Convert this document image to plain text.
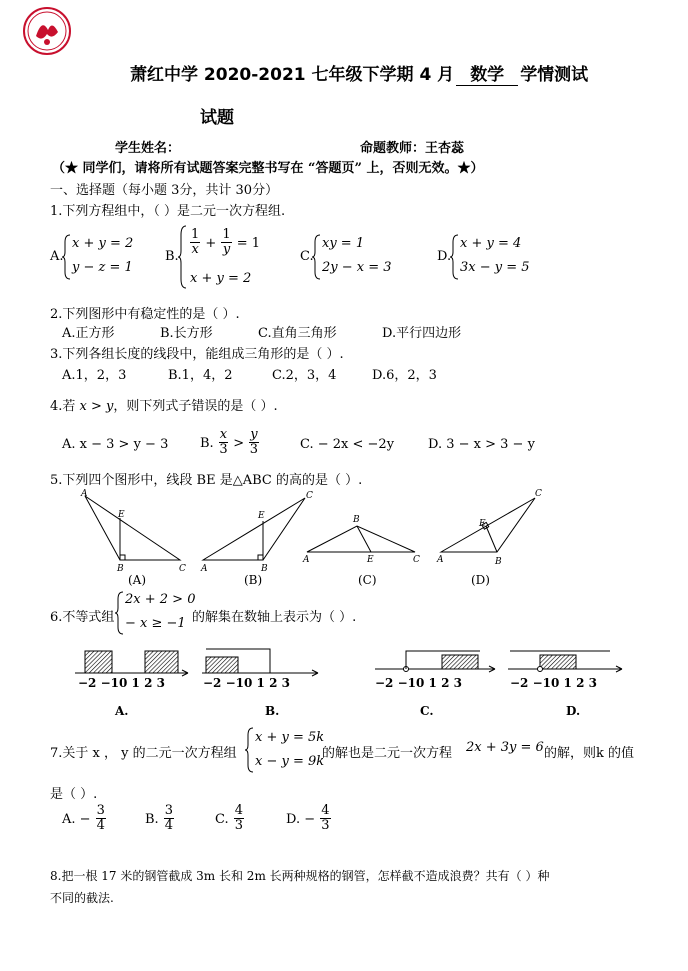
萧红中学 2020-2021 七年级下学期 4 月 数学 学情测试
试题
学生姓名：	命题教师：王杏蕊
（★ 同学们，请将所有试题答案完整书写在 “答题页” 上，否则无效。★）
一、选择题（每小题 3分，共计 30分）
1.下列方程组中，（ ）是二元一次方程组.
A.
x + y = 2
y − z = 1
B. $\frac{1}{x} + \frac{1}{y} = 1$
x + y = 2
C.
xy = 1
2y − x = 3
D.
x + y = 4
3x − y = 5
2.下列图形中有稳定性的是（ ）.
A.正方形	B.长方形	C.直角三角形	D.平行四边形
3.下列各组长度的线段中，能组成三角形的是（ ）.
A.1，2，3	B.1，4，2	C.2，3，4	D.6，2，3
4.若 x > y，则下列式子错误的是（ ）.
A. x − 3 > y − 3 B. $\frac{x}{3} > \frac{y}{3}$	C. − 2x < −2y	D. 3 − x > 3 − y
5.下列四个图形中，线段 BE 是△ABC 的高的是（ ）.
A
E
B	C A
E
B
C
A
B
E	C A
E
B
C
(A)	(B)	(C)	(D)
6.不等式组
2x + 2 > 0
− x ≥ −1 的解集在数轴上表示为（ ）.
−2 −10 1 2 3	−2 −10 1 2 3	−2 −10 1 2 3	−2 −10 1 2 3
A.	B.	C.	D.
7.关于 x ， y 的二元一次方程组
x + y = 5k
x − y = 9k
的解也是二元一次方程 2x + 3y = 6 的解，则k 的值
是（ ）.
A. − $\frac{3}{4}$	B. $\frac{3}{4}$	C. $\frac{4}{3}$	D. − $\frac{4}{3}$
8.把一根 17 米的钢管截成 3m 长和 2m 长两种规格的钢管，怎样截不造成浪费？共有（ ）种
不同的截法.
